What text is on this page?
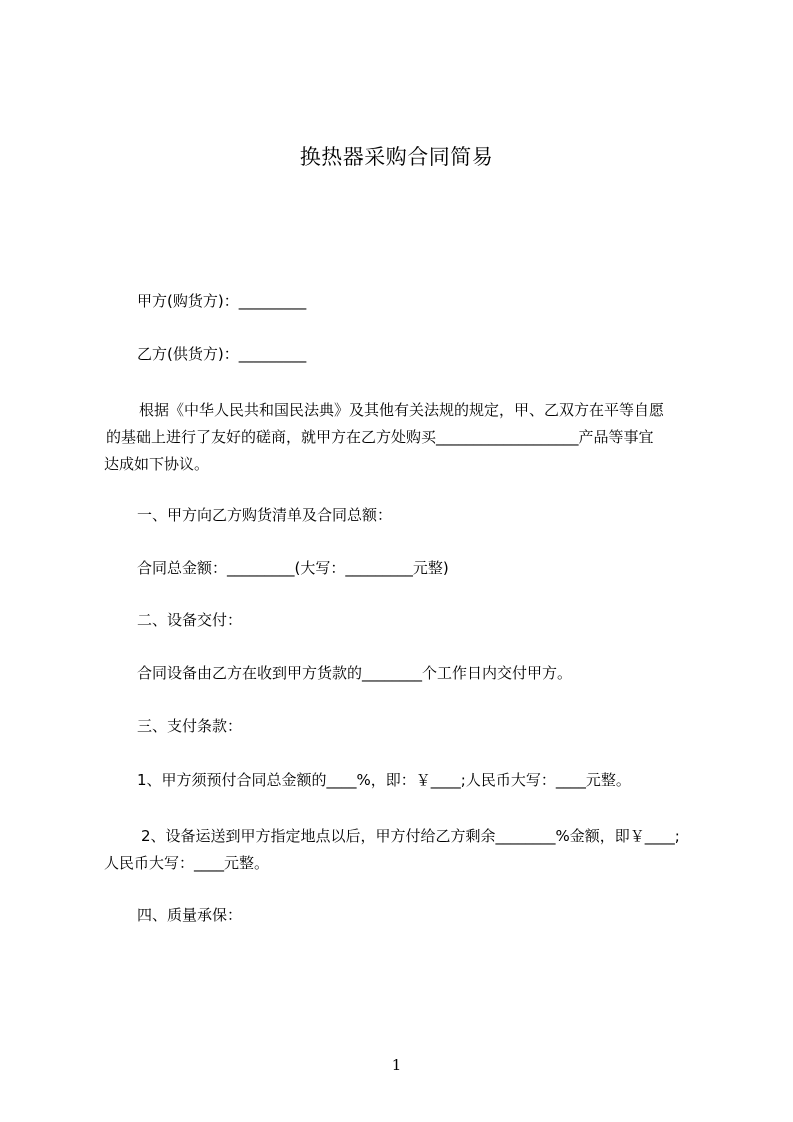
换热器采购合同简易
甲方(购货方)：_________
乙方(供货方)：_________
根据《中华人民共和国民法典》及其他有关法规的规定，甲、乙双方在平等自愿
的基础上进行了友好的磋商，就甲方在乙方处购买___________________产品等事宜
达成如下协议。
一、甲方向乙方购货清单及合同总额：
合同总金额：_________(大写：_________元整)
二、设备交付：
合同设备由乙方在收到甲方货款的________个工作日内交付甲方。
三、支付条款：
1、甲方须预付合同总金额的____%，即：￥____;人民币大写：____元整。
2、设备运送到甲方指定地点以后，甲方付给乙方剩余________%金额，即￥____;
人民币大写：____元整。
四、质量承保：
1
